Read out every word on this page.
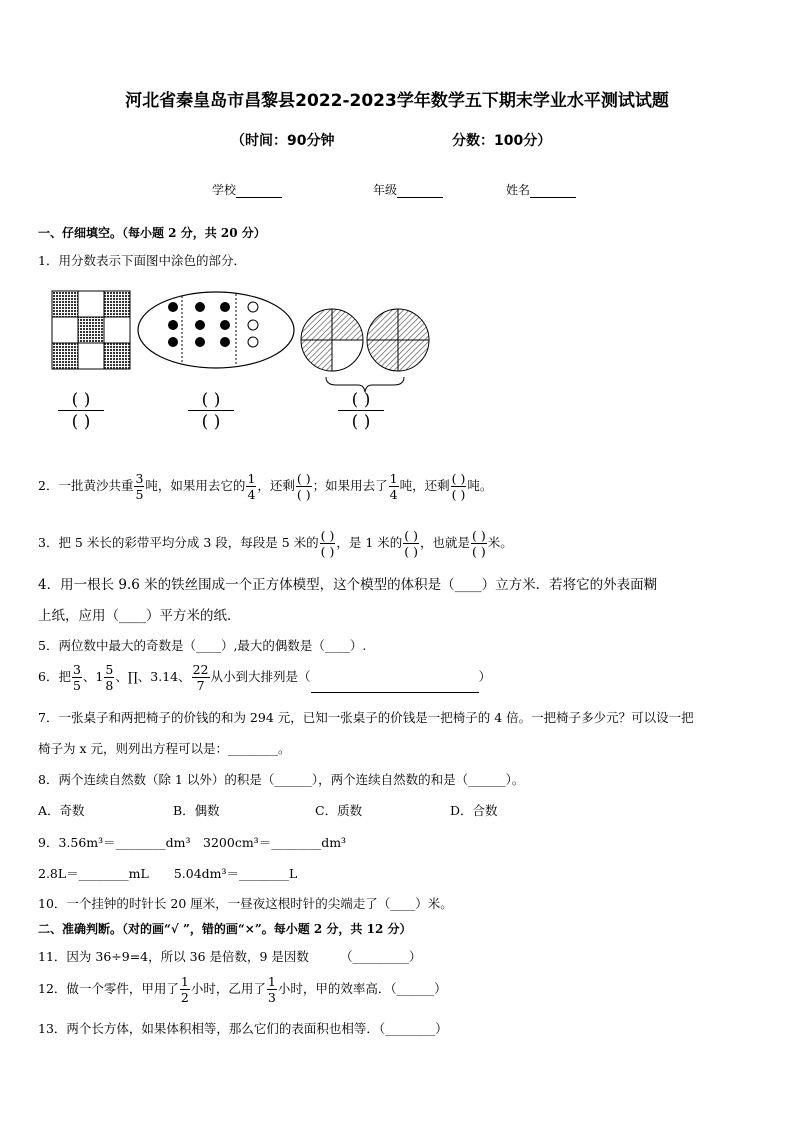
河北省秦皇岛市昌黎县2022-2023学年数学五下期末学业水平测试试题
（时间：90分钟	分数：100分）
学校	年级	姓名
一、仔细填空。（每小题 2 分，共 20 分）
1．用分数表示下面图中涂色的部分．
( )
( )
( )
( )
( )
( )
2．一批黄沙共重 $\frac{3}{5}$ 吨，如果用去它的 $\frac{1}{4}$ ，还剩 $\frac{( )}{( )}$ ；如果用去了 $\frac{1}{4}$ 吨，还剩 $\frac{( )}{( )}$ 吨。
3．把 5 米长的彩带平均分成 3 段，每段是 5 米的 $\frac{( )}{( )}$ ，是 1 米的 $\frac{( )}{( )}$ ，也就是 $\frac{( )}{( )}$ 米。
4．用一根长 9.6 米的铁丝围成一个正方体模型，这个模型的体积是（____）立方米．若将它的外表面糊
上纸，应用（____）平方米的纸．
5．两位数中最大的奇数是（____）,最大的偶数是（____）.
6．把 $\frac{3}{5}$ 、$1 \frac{5}{8}$ 、∏、3.14、 $\frac{22}{7}$ 从小到大排列是（	）
7．一张桌子和两把椅子的价钱的和为 294 元，已知一张桌子的价钱是一把椅子的 4 倍。一把椅子多少元？可以设一把
椅子为 x 元，则列出方程可以是：________。
8．两个连续自然数（除 1 以外）的积是（______），两个连续自然数的和是（______）。
A．奇数	B．偶数	C．质数	D．合数
9．3.56m³＝________dm³　3200cm³＝________dm³
2.8L＝________mL　　5.04dm³＝________L
10．一个挂钟的时针长 20 厘米，一昼夜这根时针的尖端走了（____）米。
二、准确判断。（对的画“√ ”，错的画“×”。每小题 2 分，共 12 分）
11．因为 36÷9=4，所以 36 是倍数，9 是因数　　　（_________）
12．做一个零件，甲用了 $\frac{1}{2}$ 小时，乙用了 $\frac{1}{3}$ 小时，甲的效率高．（______）
13．两个长方体，如果体积相等，那么它们的表面积也相等．（________）
